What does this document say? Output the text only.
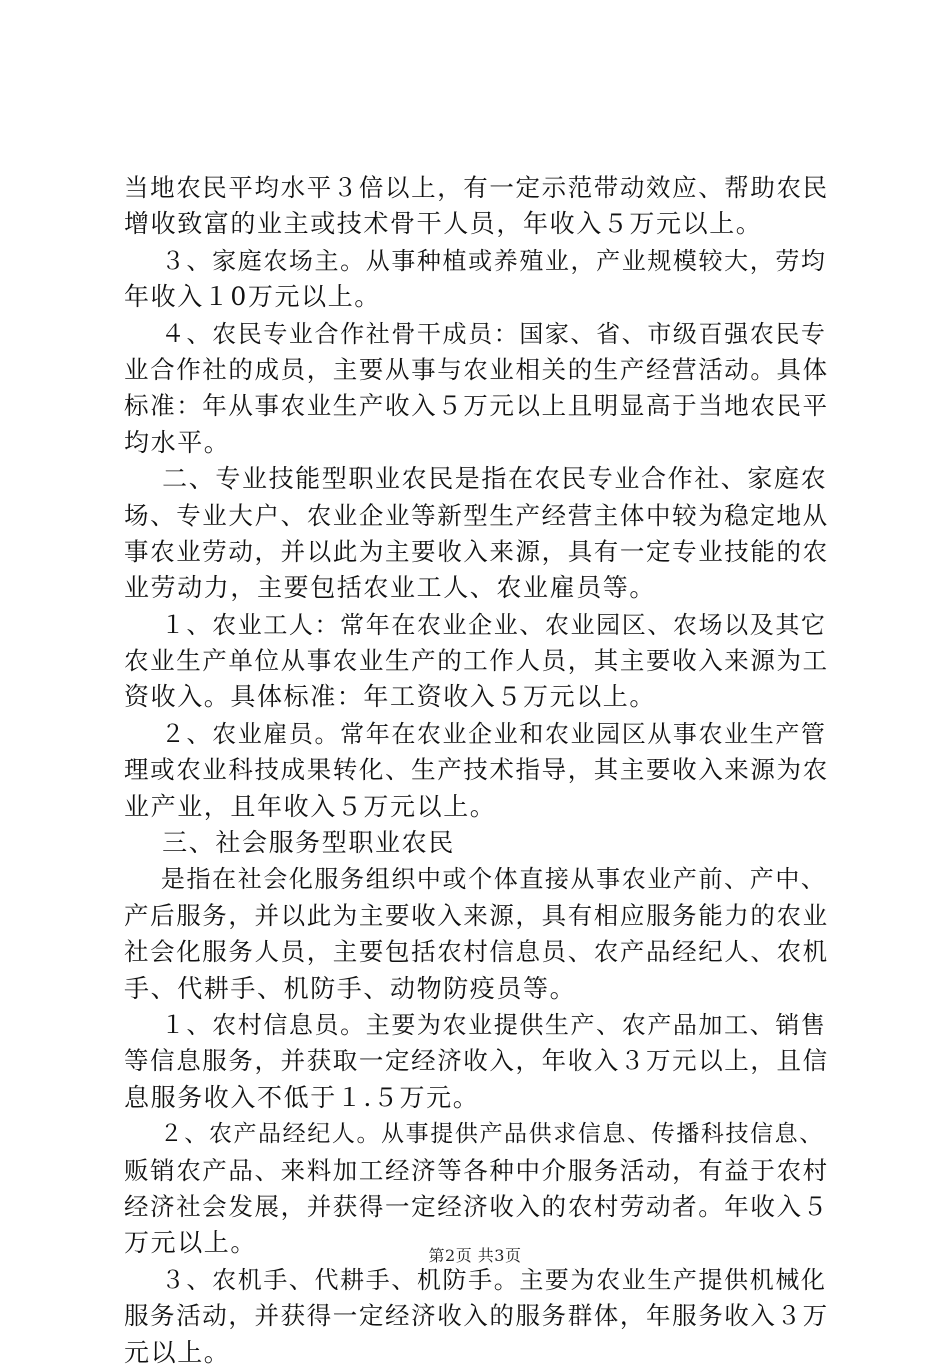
当地农民平均水平３倍以上，有一定示范带动效应、帮助农民
增收致富的业主或技术骨干人员，年收入５万元以上。
３、家庭农场主。从事种植或养殖业，产业规模较大，劳均
年收入１0万元以上。
４、农民专业合作社骨干成员：国家、省、市级百强农民专
业合作社的成员，主要从事与农业相关的生产经营活动。具体
标准：年从事农业生产收入５万元以上且明显高于当地农民平
均水平。
二、专业技能型职业农民是指在农民专业合作社、家庭农
场、专业大户、农业企业等新型生产经营主体中较为稳定地从
事农业劳动，并以此为主要收入来源，具有一定专业技能的农
业劳动力，主要包括农业工人、农业雇员等。
１、农业工人：常年在农业企业、农业园区、农场以及其它
农业生产单位从事农业生产的工作人员，其主要收入来源为工
资收入。具体标准：年工资收入５万元以上。
２、农业雇员。常年在农业企业和农业园区从事农业生产管
理或农业科技成果转化、生产技术指导，其主要收入来源为农
业产业，且年收入５万元以上。
三、社会服务型职业农民
是指在社会化服务组织中或个体直接从事农业产前、产中、
产后服务，并以此为主要收入来源，具有相应服务能力的农业
社会化服务人员，主要包括农村信息员、农产品经纪人、农机
手、代耕手、机防手、动物防疫员等。
１、农村信息员。主要为农业提供生产、农产品加工、销售
等信息服务，并获取一定经济收入，年收入３万元以上，且信
息服务收入不低于１.５万元。
２、农产品经纪人。从事提供产品供求信息、传播科技信息、
贩销农产品、来料加工经济等各种中介服务活动，有益于农村
经济社会发展，并获得一定经济收入的农村劳动者。年收入５
万元以上。
３、农机手、代耕手、机防手。主要为农业生产提供机械化
服务活动，并获得一定经济收入的服务群体，年服务收入３万
元以上。
第2页 共3页
